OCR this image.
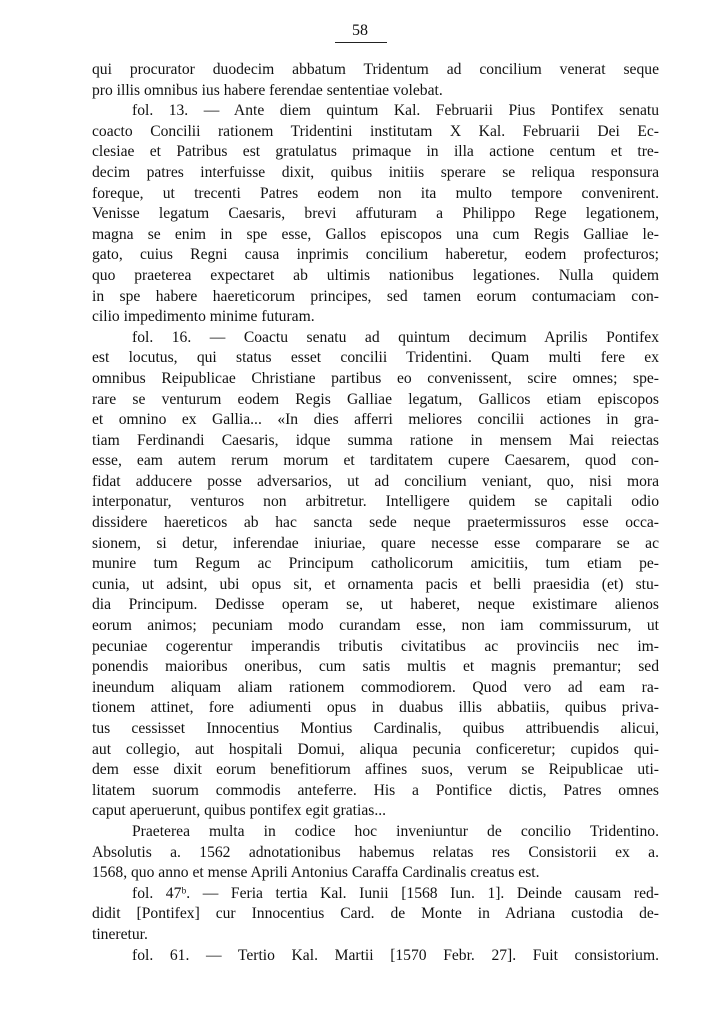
58
qui procurator duodecim abbatum Tridentum ad concilium venerat seque
pro illis omnibus ius habere ferendae sententiae volebat.
fol. 13. — Ante diem quintum Kal. Februarii Pius Pontifex senatu
coacto Concilii rationem Tridentini institutam X Kal. Februarii Dei Ec-
clesiae et Patribus est gratulatus primaque in illa actione centum et tre-
decim patres interfuisse dixit, quibus initiis sperare se reliqua responsura
foreque, ut trecenti Patres eodem non ita multo tempore convenirent.
Venisse legatum Caesaris, brevi affuturam a Philippo Rege legationem,
magna se enim in spe esse, Gallos episcopos una cum Regis Galliae le-
gato, cuius Regni causa inprimis concilium haberetur, eodem profecturos;
quo praeterea expectaret ab ultimis nationibus legationes. Nulla quidem
in spe habere haereticorum principes, sed tamen eorum contumaciam con-
cilio impedimento minime futuram.
fol. 16. — Coactu senatu ad quintum decimum Aprilis Pontifex
est locutus, qui status esset concilii Tridentini. Quam multi fere ex
omnibus Reipublicae Christiane partibus eo convenissent, scire omnes; spe-
rare se venturum eodem Regis Galliae legatum, Gallicos etiam episcopos
et omnino ex Gallia... «In dies afferri meliores concilii actiones in gra-
tiam Ferdinandi Caesaris, idque summa ratione in mensem Mai reiectas
esse, eam autem rerum morum et tarditatem cupere Caesarem, quod con-
fidat adducere posse adversarios, ut ad concilium veniant, quo, nisi mora
interponatur, venturos non arbitretur. Intelligere quidem se capitali odio
dissidere haereticos ab hac sancta sede neque praetermissuros esse occa-
sionem, si detur, inferendae iniuriae, quare necesse esse comparare se ac
munire tum Regum ac Principum catholicorum amicitiis, tum etiam pe-
cunia, ut adsint, ubi opus sit, et ornamenta pacis et belli praesidia (et) stu-
dia Principum. Dedisse operam se, ut haberet, neque existimare alienos
eorum animos; pecuniam modo curandam esse, non iam commissurum, ut
pecuniae cogerentur imperandis tributis civitatibus ac provinciis nec im-
ponendis maioribus oneribus, cum satis multis et magnis premantur; sed
ineundum aliquam aliam rationem commodiorem. Quod vero ad eam ra-
tionem attinet, fore adiumenti opus in duabus illis abbatiis, quibus priva-
tus cessisset Innocentius Montius Cardinalis, quibus attribuendis alicui,
aut collegio, aut hospitali Domui, aliqua pecunia conficeretur; cupidos qui-
dem esse dixit eorum benefitiorum affines suos, verum se Reipublicae uti-
litatem suorum commodis anteferre. His a Pontifice dictis, Patres omnes
caput aperuerunt, quibus pontifex egit gratias...
Praeterea multa in codice hoc inveniuntur de concilio Tridentino.
Absolutis a. 1562 adnotationibus habemus relatas res Consistorii ex a.
1568, quo anno et mense Aprili Antonius Caraffa Cardinalis creatus est.
fol. 47ᵇ. — Feria tertia Kal. Iunii [1568 Iun. 1]. Deinde causam red-
didit [Pontifex] cur Innocentius Card. de Monte in Adriana custodia de-
tineretur.
fol. 61. — Tertio Kal. Martii [1570 Febr. 27]. Fuit consistorium.
